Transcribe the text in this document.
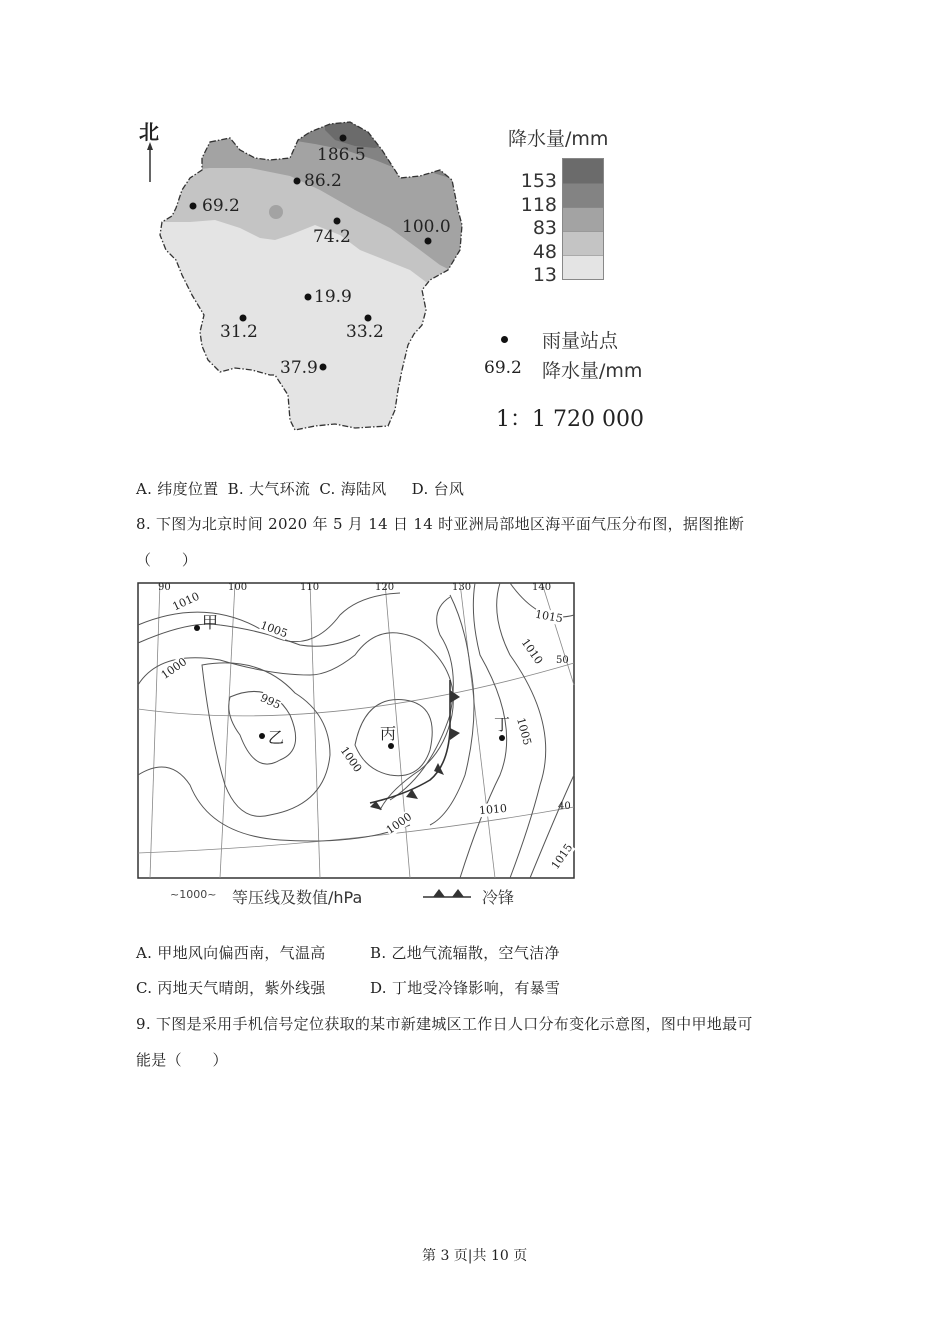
北
186.5
86.2
69.2
74.2	100.0
19.9
31.2	33.2
37.9
降水量/mm
153
118
83
48
13
雨量站点
69.2 降水量/mm
1：1 720 000
A. 纬度位置 B. 大气环流 C. 海陆风 D. 台风
8. 下图为北京时间 2020 年 5 月 14 日 14 时亚洲局部地区海平面气压分布图，据图推断
（　　）
90	100	110	120	130	140
50
40
1010
1005
1000
995
1000
1000
1015
1010
1005
1010
1015
甲
乙	丙	丁
~1000~ 等压线及数值/hPa	冷锋
A. 甲地风向偏西南，气温高	B. 乙地气流辐散，空气洁净
C. 丙地天气晴朗，紫外线强	D. 丁地受冷锋影响，有暴雪
9. 下图是采用手机信号定位获取的某市新建城区工作日人口分布变化示意图，图中甲地最可
能是（　　）
第 3 页|共 10 页
